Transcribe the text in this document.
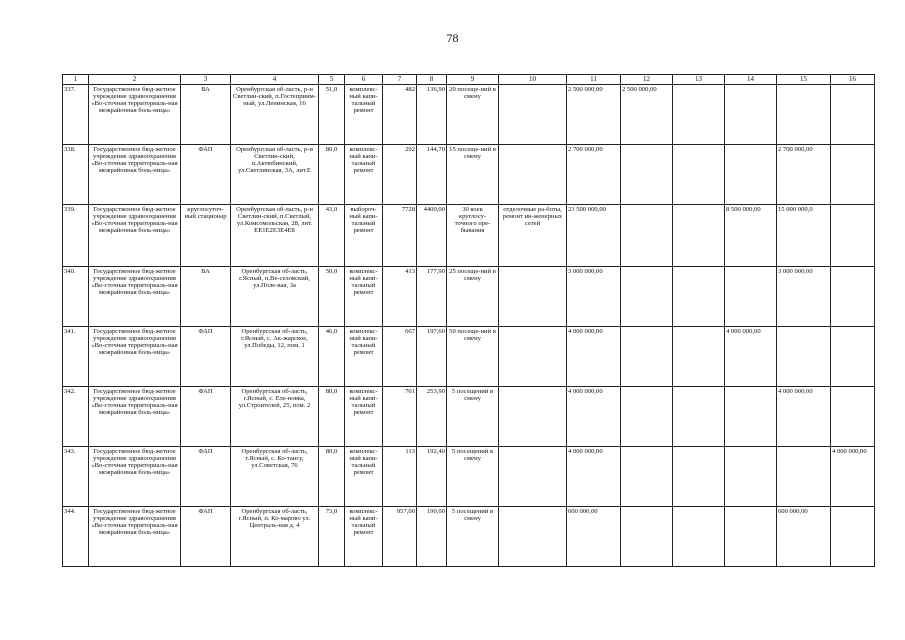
78
1	2	3	4	5	6	7	8	9	10	11	12	13	14	15	16
337.	Государственное бюд-жетное учреждение здравоохранения «Во-сточная территориаль-ная межрайонная боль-ница»	ВА	Оренбургская об-ласть, р-н Светлин-ский, п.Гостеприим-ный, ул.Ленинская, 16	51,0	комплекс-ный капи-тальный ремонт	482	136,90	20 посеще-ний в смену		2 500 000,00	2 500 000,00				
338.	Государственное бюд-жетное учреждение здравоохранения «Во-сточная территориаль-ная межрайонная боль-ница»	ФАП	Оренбургская об-ласть, р-н Светлин-ский, п.Актюбинский, ул.Светлинская, 3А, лит.Е	80,0	комплекс-ный капи-тальный ремонт	292	144,70	15 посеще-ний в смену		2 700 000,00				2 700 000,00	
339.	Государственное бюд-жетное учреждение здравоохранения «Во-сточная территориаль-ная межрайонная боль-ница»	круглосуточ-ный стационар	Оренбургская об-ласть, р-н Светлин-ский, п.Светлый, ул.Комсомольская, 28, лит. ЕЕ1Е2Е3Е4Е8	43,0	выбороч-ный капи-тальный ремонт	7728	4400,00	30 коек круглосу-точного пре-бывания	отделочные ра-боты, ремонт ин-женерных сетей	23 500 000,00			8 500 000,00	15 000 000,0	
340.	Государственное бюд-жетное учреждение здравоохранения «Во-сточная территориаль-ная межрайонная боль-ница»	ВА	Оренбургская об-ласть, г.Ясный, п.Ве-селовский, ул.Поле-вая, 3а	50,0	комплекс-ный капи-тальный ремонт	413	177,90	25 посеще-ний в смену		3 000 000,00				3 000 000,00	
341.	Государственное бюд-жетное учреждение здравоохранения «Во-сточная территориаль-ная межрайонная боль-ница»	ФАП	Оренбургская об-ласть, г.Ясный, с. Ак-жарское, ул.Победы, 12, пом. 1	46,0	комплекс-ный капи-тальный ремонт	667	197,60	50 посеще-ний в смену		4 000 000,00			4 000 000,00		
342.	Государственное бюд-жетное учреждение здравоохранения «Во-сточная территориаль-ная межрайонная боль-ница»	ФАП	Оренбургская об-ласть, г.Ясный, с. Еле-новка, ул.Строителей, 25, пом. 2	80,0	комплекс-ный капи-тальный ремонт	761	253,90	5 посещений в смену		4 000 000,00				4 000 000,00	
343.	Государственное бюд-жетное учреждение здравоохранения «Во-сточная территориаль-ная межрайонная боль-ница»	ФАП	Оренбургская об-ласть, г.Ясный, с. Ко-тансу, ул.Советская, 76	80,0	комплекс-ный капи-тальный ремонт	113	192,40	5 посещений в смену		4 000 000,00					4 000 000,00
344.	Государственное бюд-жетное учреждение здравоохранения «Во-сточная территориаль-ная межрайонная боль-ница»	ФАП	Оренбургская об-ласть, г.Ясный, п. Ко-марово ул. Централь-ная д. 4	73,0	комплекс-ный капи-тальный ремонт	957,00	190,00	5 посещений в смену		600 000,00				600 000,00	
